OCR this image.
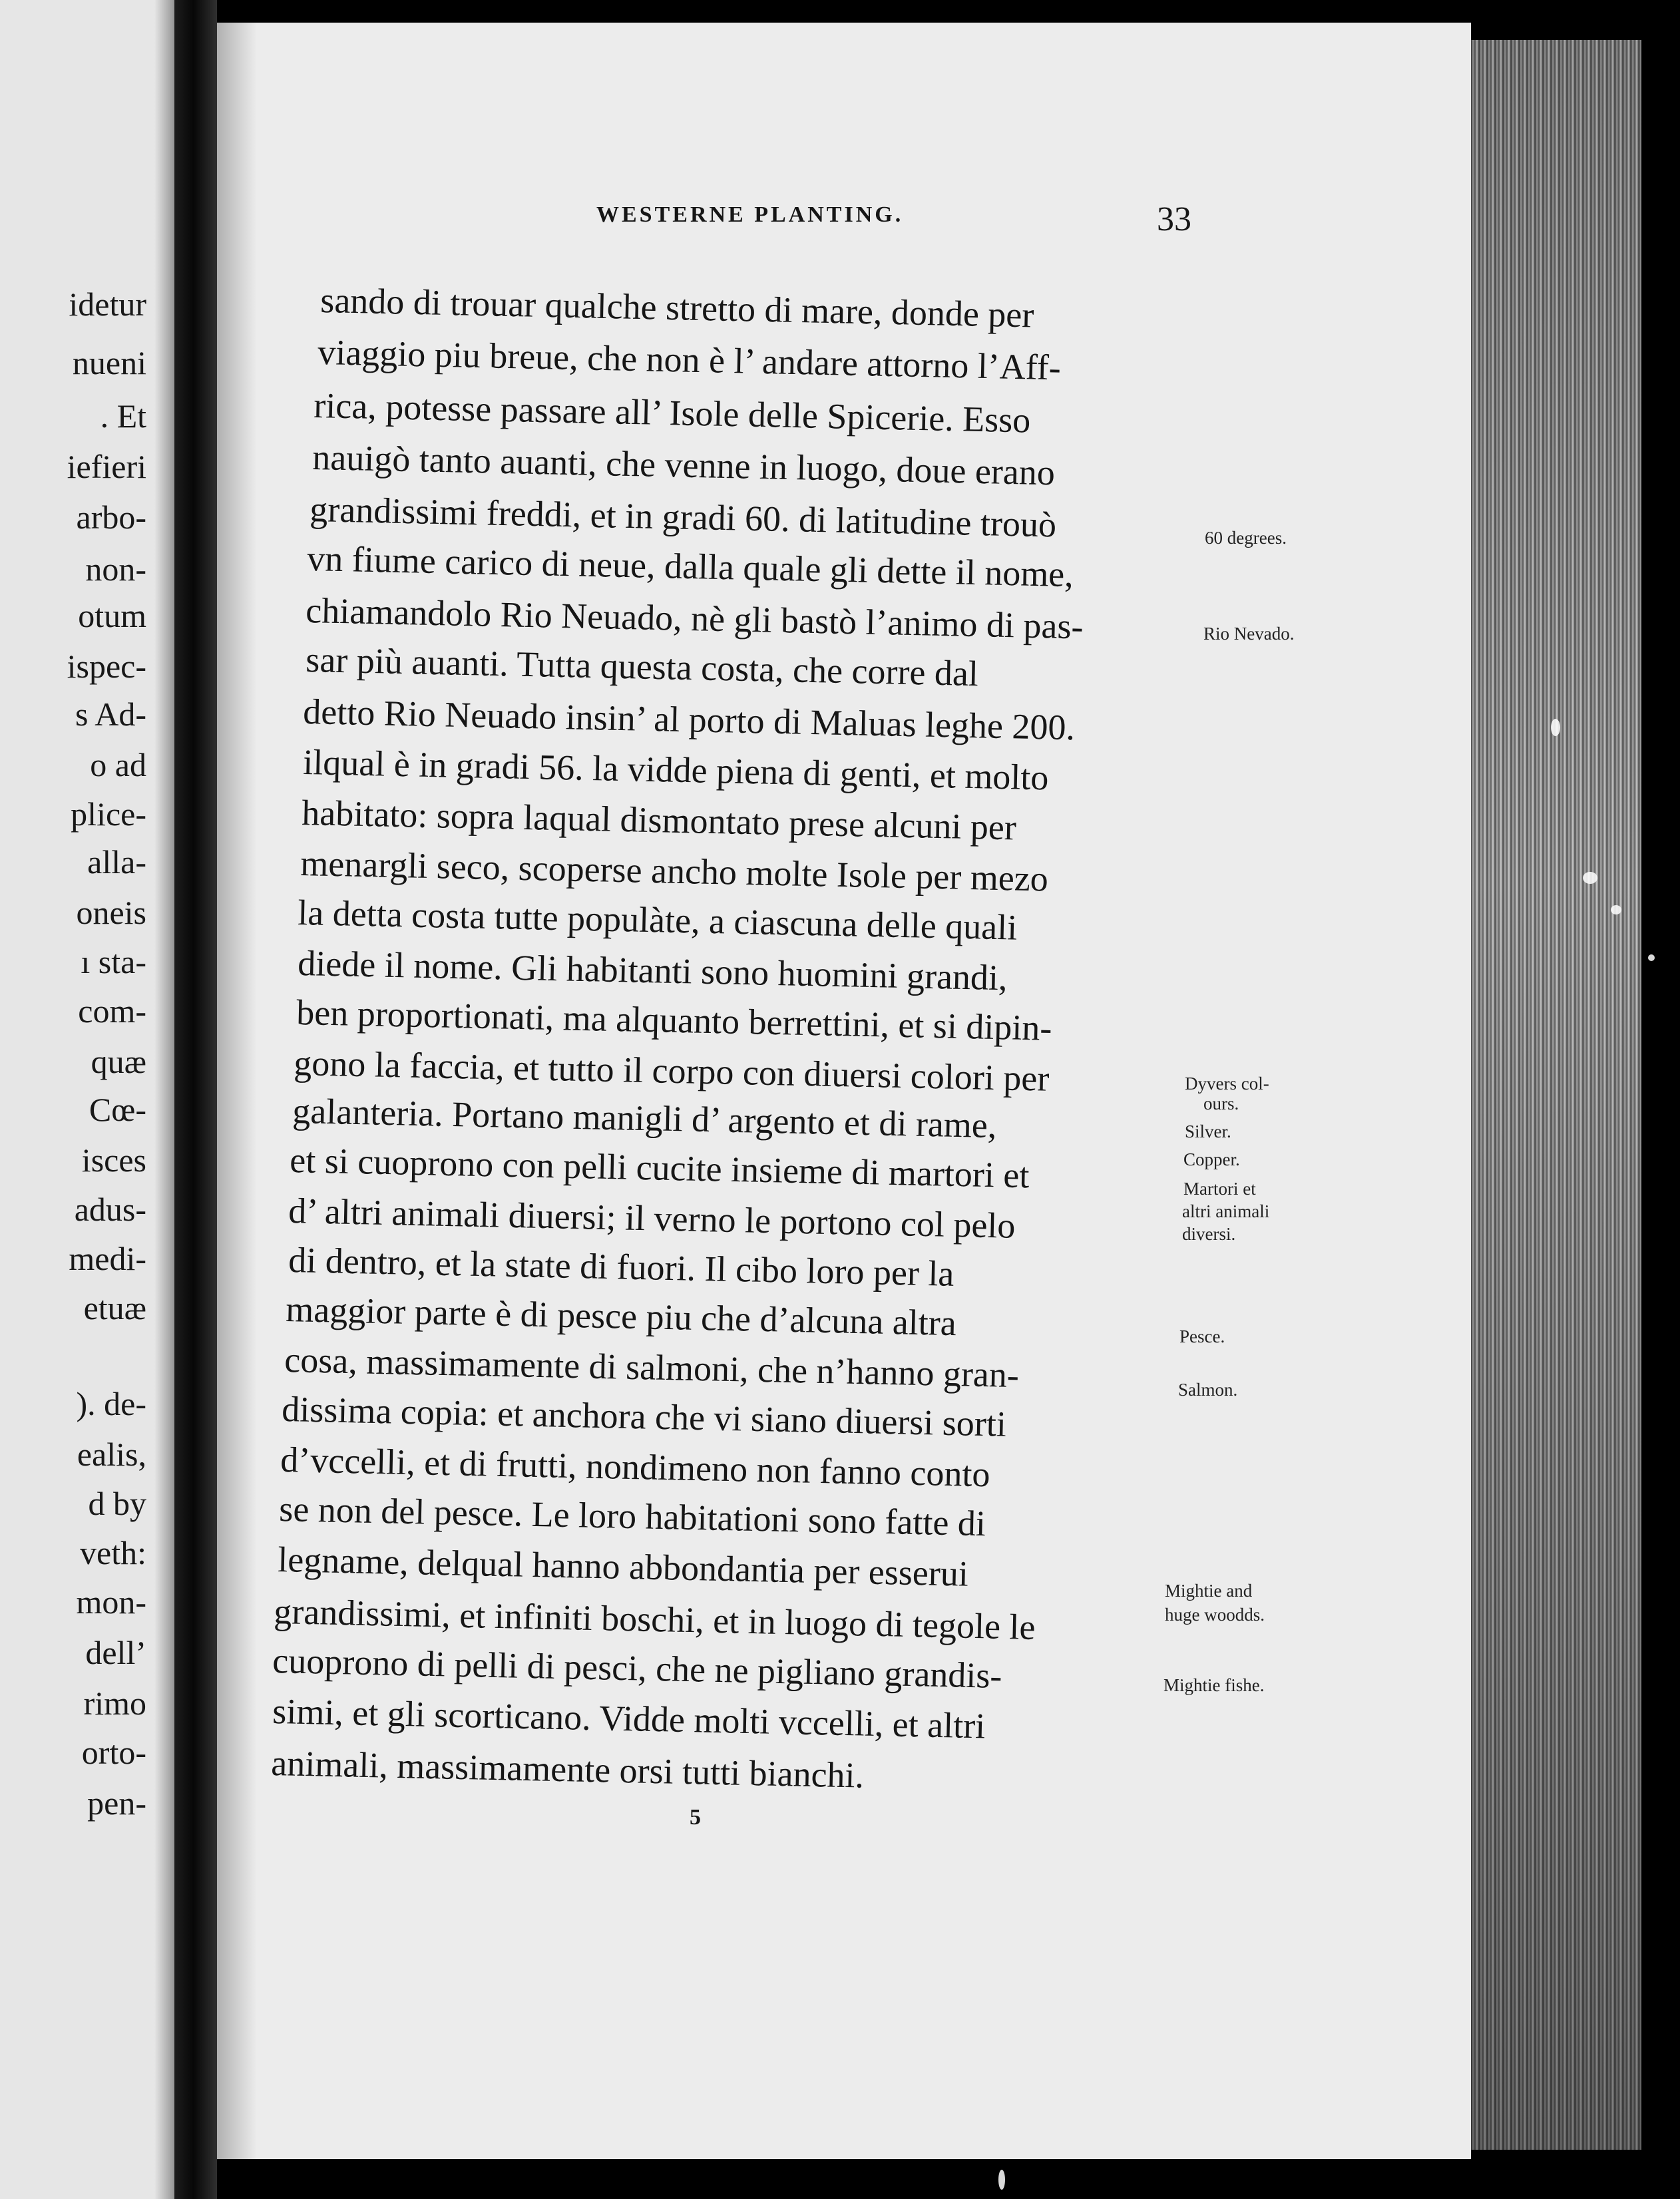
idetur
nueni
. Et
iefieri
arbo-
non-
otum
ispec-
s Ad-
o ad
plice-
alla-
oneis
ı sta-
com-
quæ
Cœ-
isces
adus-
medi-
etuæ
). de-
ealis,
d by
veth:
mon-
dell’
rimo
orto-
pen-
WESTERNE PLANTING.	33
sando di trouar qualche stretto di mare, donde per
viaggio piu breue, che non è l’ andare attorno l’Aff-
rica, potesse passare all’ Isole delle Spicerie. Esso
nauigò tanto auanti, che venne in luogo, doue erano
grandissimi freddi, et in gradi 60. di latitudine trouò
vn fiume carico di neue, dalla quale gli dette il nome,
chiamandolo Rio Neuado, nè gli bastò l’animo di pas-
sar più auanti. Tutta questa costa, che corre dal
detto Rio Neuado insin’ al porto di Maluas leghe 200.
ilqual è in gradi 56. la vidde piena di genti, et molto
habitato: sopra laqual dismontato prese alcuni per
menargli seco, scoperse ancho molte Isole per mezo
la detta costa tutte populàte, a ciascuna delle quali
diede il nome. Gli habitanti sono huomini grandi,
ben proportionati, ma alquanto berrettini, et si dipin-
gono la faccia, et tutto il corpo con diuersi colori per
galanteria. Portano manigli d’ argento et di rame,
et si cuoprono con pelli cucite insieme di martori et
d’ altri animali diuersi; il verno le portono col pelo
di dentro, et la state di fuori. Il cibo loro per la
maggior parte è di pesce piu che d’alcuna altra
cosa, massimamente di salmoni, che n’hanno gran-
dissima copia: et anchora che vi siano diuersi sorti
d’vccelli, et di frutti, nondimeno non fanno conto
se non del pesce. Le loro habitationi sono fatte di
legname, delqual hanno abbondantia per esserui
grandissimi, et infiniti boschi, et in luogo di tegole le
cuoprono di pelli di pesci, che ne pigliano grandis-
simi, et gli scorticano. Vidde molti vccelli, et altri
animali, massimamente orsi tutti bianchi.
60 degrees.
Rio Nevado.
Dyvers col-
ours.
Silver.
Copper.
Martori et
altri animali
diversi.
Pesce.
Salmon.
Mightie and
huge woodds.
Mightie fishe.
5
